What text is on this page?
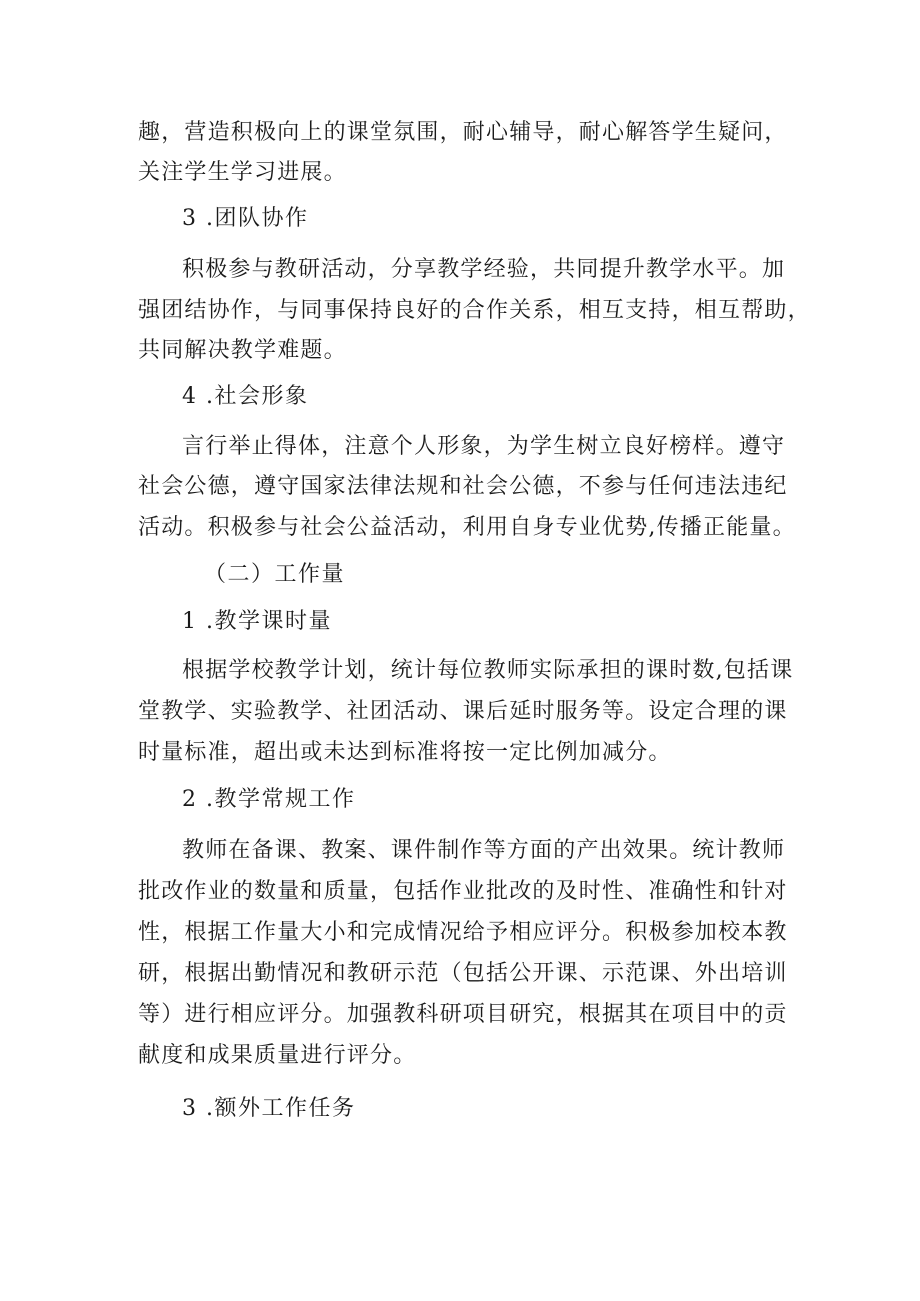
趣，营造积极向上的课堂氛围，耐心辅导，耐心解答学生疑问，
关注学生学习进展。
3 .团队协作
积极参与教研活动，分享教学经验，共同提升教学水平。加
强团结协作，与同事保持良好的合作关系，相互支持，相互帮助，
共同解决教学难题。
4 .社会形象
言行举止得体，注意个人形象，为学生树立良好榜样。遵守
社会公德，遵守国家法律法规和社会公德，不参与任何违法违纪
活动。积极参与社会公益活动，利用自身专业优势,传播正能量。
（二）工作量
1 .教学课时量
根据学校教学计划，统计每位教师实际承担的课时数,包括课
堂教学、实验教学、社团活动、课后延时服务等。设定合理的课
时量标准，超出或未达到标准将按一定比例加减分。
2 .教学常规工作
教师在备课、教案、课件制作等方面的产出效果。统计教师
批改作业的数量和质量，包括作业批改的及时性、准确性和针对
性，根据工作量大小和完成情况给予相应评分。积极参加校本教
研，根据出勤情况和教研示范（包括公开课、示范课、外出培训
等）进行相应评分。加强教科研项目研究，根据其在项目中的贡
献度和成果质量进行评分。
3 .额外工作任务
